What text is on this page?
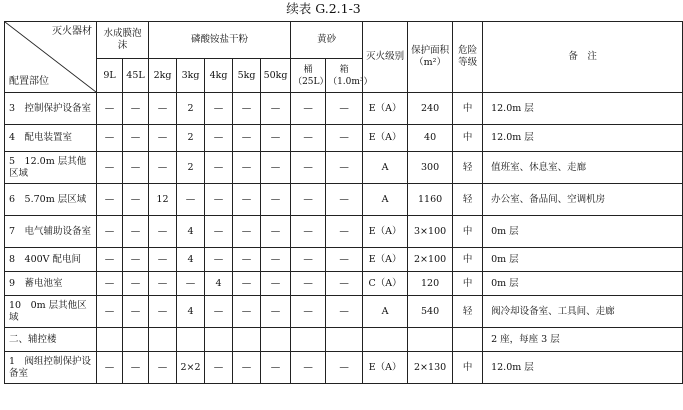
续表 G.2.1-3
灭火器材
配置部位	水成膜泡沫		磷酸铵盐干粉					黄砂		灭火级别	保护面积（m²）	危险等级	备　注
	9L	45L	2kg	3kg	4kg	5kg	50kg	桶（25L）	箱（1.0m³）				
3　控制保护设备室	—	—	—	2	—	—	—	—	—	E（A）	240	中	12.0m 层
4　配电装置室	—	—	—	2	—	—	—	—	—	E（A）	40	中	12.0m 层
5　12.0m 层其他区域	—	—	—	2	—	—	—	—	—	A	300	轻	值班室、休息室、走廊
6　5.70m 层区域	—	—	12	—	—	—	—	—	—	A	1160	轻	办公室、备品间、空调机房
7　电气辅助设备室	—	—	—	4	—	—	—	—	—	E（A）	3×100	中	0m 层
8　400V 配电间	—	—	—	4	—	—	—	—	—	E（A）	2×100	中	0m 层
9　蓄电池室	—	—	—	—	4	—	—	—	—	C（A）	120	中	0m 层
10　0m 层其他区域	—	—	—	4	—	—	—	—	—	A	540	轻	阀冷却设备室、工具间、走廊
二、辅控楼													2 座，每座 3 层
1　阀组控制保护设备室	—	—	—	2×2	—	—	—	—	—	E（A）	2×130	中	12.0m 层
